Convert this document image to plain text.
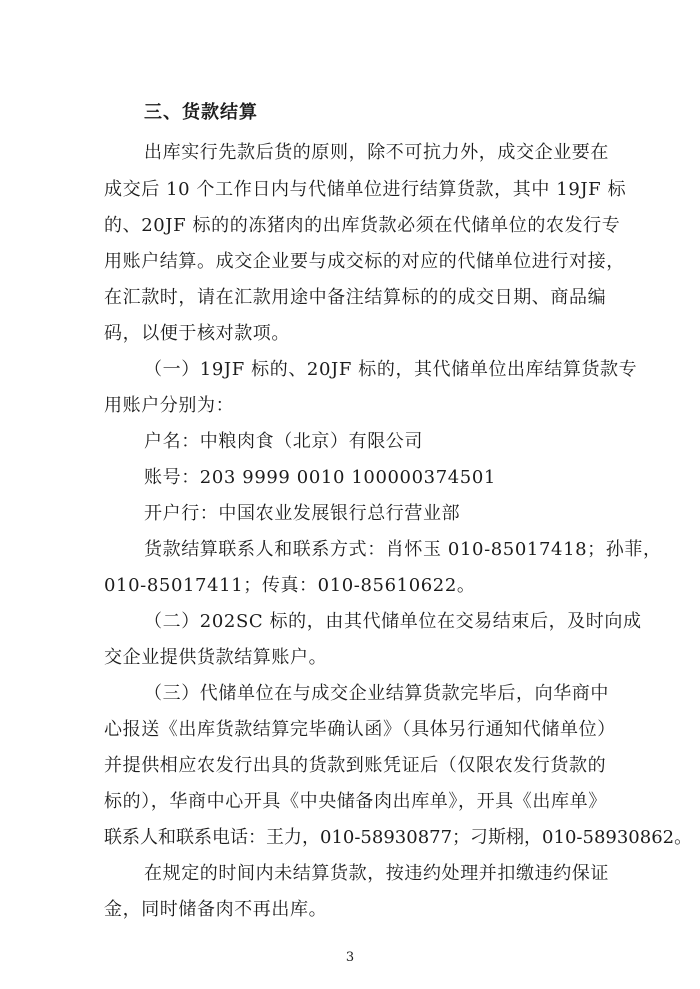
三、货款结算
出库实行先款后货的原则，除不可抗力外，成交企业要在
成交后 10 个工作日内与代储单位进行结算货款，其中 19JF 标
的、20JF 标的的冻猪肉的出库货款必须在代储单位的农发行专
用账户结算。成交企业要与成交标的对应的代储单位进行对接，
在汇款时，请在汇款用途中备注结算标的的成交日期、商品编
码，以便于核对款项。
（一）19JF 标的、20JF 标的，其代储单位出库结算货款专
用账户分别为：
户名：中粮肉食（北京）有限公司
账号：203 9999 0010 100000374501
开户行：中国农业发展银行总行营业部
货款结算联系人和联系方式：肖怀玉 010-85017418；孙菲，
010-85017411；传真：010-85610622。
（二）202SC 标的，由其代储单位在交易结束后，及时向成
交企业提供货款结算账户。
（三）代储单位在与成交企业结算货款完毕后，向华商中
心报送《出库货款结算完毕确认函》（具体另行通知代储单位）
并提供相应农发行出具的货款到账凭证后（仅限农发行货款的
标的），华商中心开具《中央储备肉出库单》，开具《出库单》
联系人和联系电话：王力，010-58930877；刁斯栩，010-58930862。
在规定的时间内未结算货款，按违约处理并扣缴违约保证
金，同时储备肉不再出库。
3
